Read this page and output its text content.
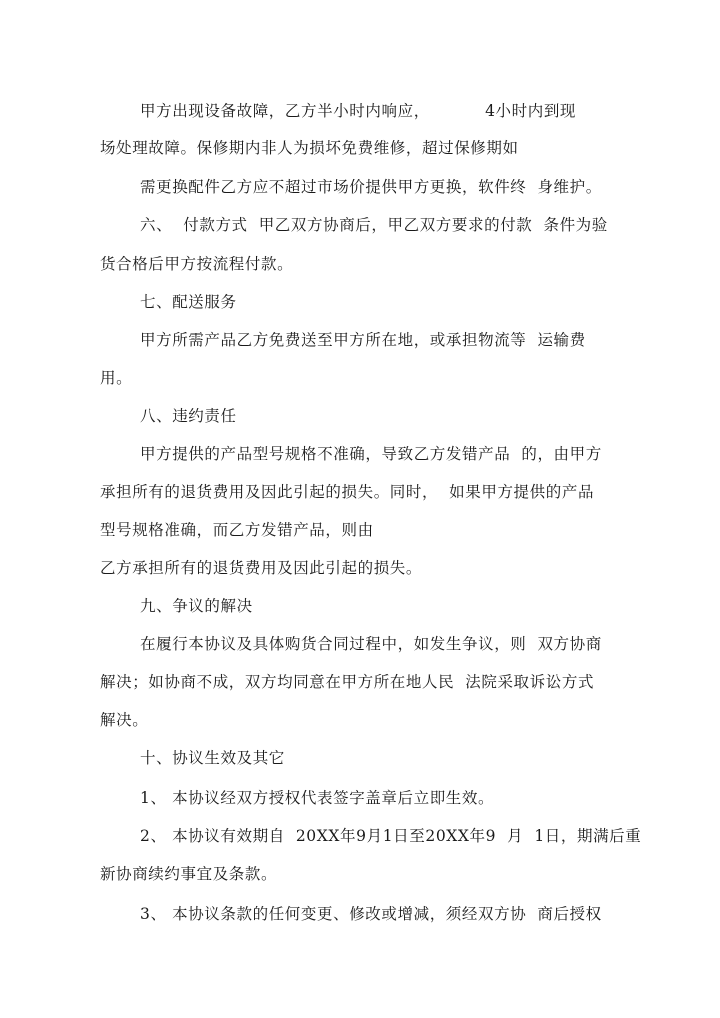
甲方出现设备故障，乙方半小时内响应，          4小时内到现
场处理故障。保修期内非人为损坏免费维修，超过保修期如
需更换配件乙方应不超过市场价提供甲方更换，软件终  身维护。
六、  付款方式  甲乙双方协商后，甲乙双方要求的付款  条件为验
货合格后甲方按流程付款。
七、配送服务
甲方所需产品乙方免费送至甲方所在地，或承担物流等  运输费
用。
八、违约责任
甲方提供的产品型号规格不准确，导致乙方发错产品  的，由甲方
承担所有的退货费用及因此引起的损失。同时，  如果甲方提供的产品
型号规格准确，而乙方发错产品，则由
乙方承担所有的退货费用及因此引起的损失。
九、争议的解决
在履行本协议及具体购货合同过程中，如发生争议，则  双方协商
解决；如协商不成，双方均同意在甲方所在地人民  法院采取诉讼方式
解决。
十、协议生效及其它
1、 本协议经双方授权代表签字盖章后立即生效。
2、 本协议有效期自  20XX年9月1日至20XX年9  月  1日，期满后重
新协商续约事宜及条款。
3、 本协议条款的任何变更、修改或增减，须经双方协  商后授权
